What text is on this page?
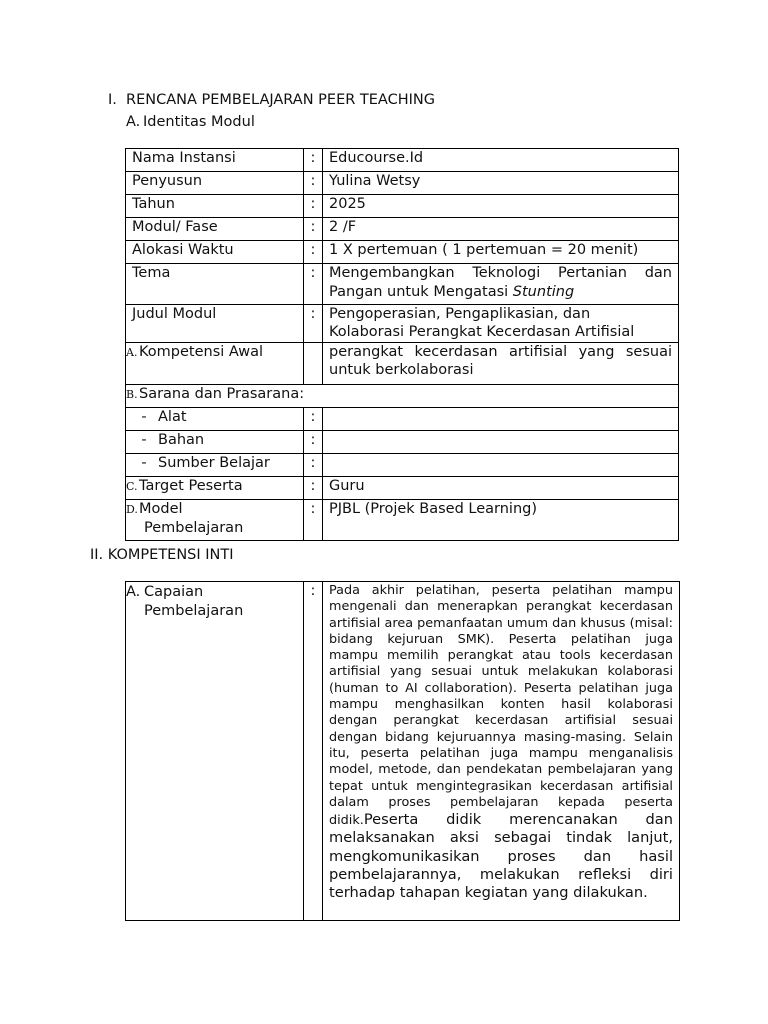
I. RENCANA PEMBELAJARAN PEER TEACHING
A. Identitas Modul
Nama Instansi	:	Educourse.Id
Penyusun	:	Yulina Wetsy
Tahun	:	2025
Modul/ Fase	:	2 /F
Alokasi Waktu	:	1 X pertemuan ( 1 pertemuan = 20 menit)
Tema	:	Mengembangkan Teknologi Pertanian dan Pangan untuk Mengatasi Stunting
Judul Modul	:	Pengoperasian, Pengaplikasian, dan
Kolaborasi Perangkat Kecerdasan Artifisial

A. Kompetensi Awal		perangkat kecerdasan artifisial yang sesuai untuk berkolaborasi
B.Sarana dan Prasarana:		
- Alat	:	
- Bahan	:	
- Sumber Belajar	:	
C.Target Peserta	:	Guru
D.Model
Pembelajaran	:	PJBL (Projek Based Learning)
II. KOMPETENSI INTI
A. Capaian
Pembelajaran
	:	Pada akhir pelatihan, peserta pelatihan mampu mengenali dan menerapkan perangkat kecerdasan artifisial area pemanfaatan umum dan khusus (misal: bidang kejuruan SMK). Peserta pelatihan juga mampu memilih perangkat atau tools kecerdasan artifisial yang sesuai untuk melakukan kolaborasi (human to AI collaboration). Peserta pelatihan juga mampu menghasilkan konten hasil kolaborasi dengan perangkat kecerdasan artifisial sesuai dengan bidang kejuruannya masing-masing. Selain itu, peserta pelatihan juga mampu menganalisis model, metode, dan pendekatan pembelajaran yang tepat untuk mengintegrasikan kecerdasan artifisial dalam proses pembelajaran kepada peserta didik.Peserta didik merencanakan dan melaksanakan aksi sebagai tindak lanjut, mengkomunikasikan proses dan hasil pembelajarannya, melakukan refleksi diri terhadap tahapan kegiatan yang dilakukan.
